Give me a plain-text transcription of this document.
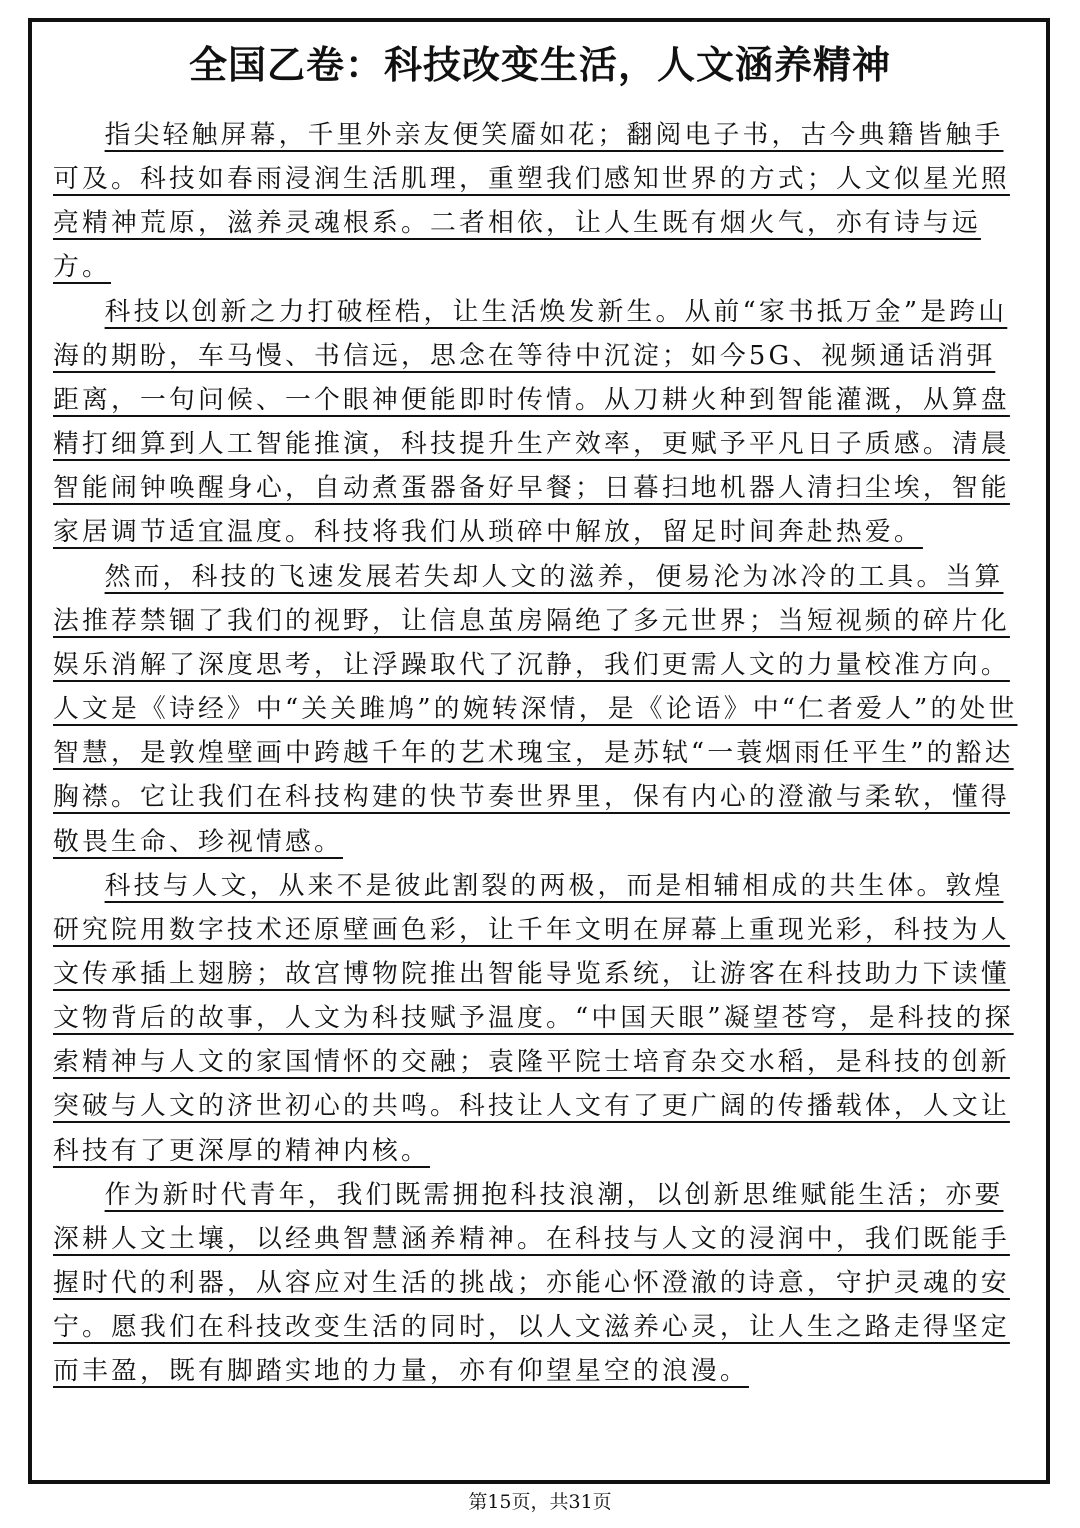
全国乙卷：科技改变生活，人文涵养精神

指尖轻触屏幕，千里外亲友便笑靥如花；翻阅电子书，古今典籍皆触手可及。科技如春雨浸润生活肌理，重塑我们感知世界的方式；人文似星光照亮精神荒原，滋养灵魂根系。二者相依，让人生既有烟火气，亦有诗与远方。

科技以创新之力打破桎梏，让生活焕发新生。从前“家书抵万金”是跨山海的期盼，车马慢、书信远，思念在等待中沉淀；如今5G、视频通话消弭距离，一句问候、一个眼神便能即时传情。从刀耕火种到智能灌溉，从算盘精打细算到人工智能推演，科技提升生产效率，更赋予平凡日子质感。清晨智能闹钟唤醒身心，自动煮蛋器备好早餐；日暮扫地机器人清扫尘埃，智能家居调节适宜温度。科技将我们从琐碎中解放，留足时间奔赴热爱。

然而，科技的飞速发展若失却人文的滋养，便易沦为冰冷的工具。当算法推荐禁锢了我们的视野，让信息茧房隔绝了多元世界；当短视频的碎片化娱乐消解了深度思考，让浮躁取代了沉静，我们更需人文的力量校准方向。人文是《诗经》中“关关雎鸠”的婉转深情，是《论语》中“仁者爱人”的处世智慧，是敦煌壁画中跨越千年的艺术瑰宝，是苏轼“一蓑烟雨任平生”的豁达胸襟。它让我们在科技构建的快节奏世界里，保有内心的澄澈与柔软，懂得敬畏生命、珍视情感。

科技与人文，从来不是彼此割裂的两极，而是相辅相成的共生体。敦煌研究院用数字技术还原壁画色彩，让千年文明在屏幕上重现光彩，科技为人文传承插上翅膀；故宫博物院推出智能导览系统，让游客在科技助力下读懂文物背后的故事，人文为科技赋予温度。“中国天眼”凝望苍穹，是科技的探索精神与人文的家国情怀的交融；袁隆平院士培育杂交水稻，是科技的创新突破与人文的济世初心的共鸣。科技让人文有了更广阔的传播载体，人文让科技有了更深厚的精神内核。

作为新时代青年，我们既需拥抱科技浪潮，以创新思维赋能生活；亦要深耕人文土壤，以经典智慧涵养精神。在科技与人文的浸润中，我们既能手握时代的利器，从容应对生活的挑战；亦能心怀澄澈的诗意，守护灵魂的安宁。愿我们在科技改变生活的同时，以人文滋养心灵，让人生之路走得坚定而丰盈，既有脚踏实地的力量，亦有仰望星空的浪漫。

第15页，共31页
